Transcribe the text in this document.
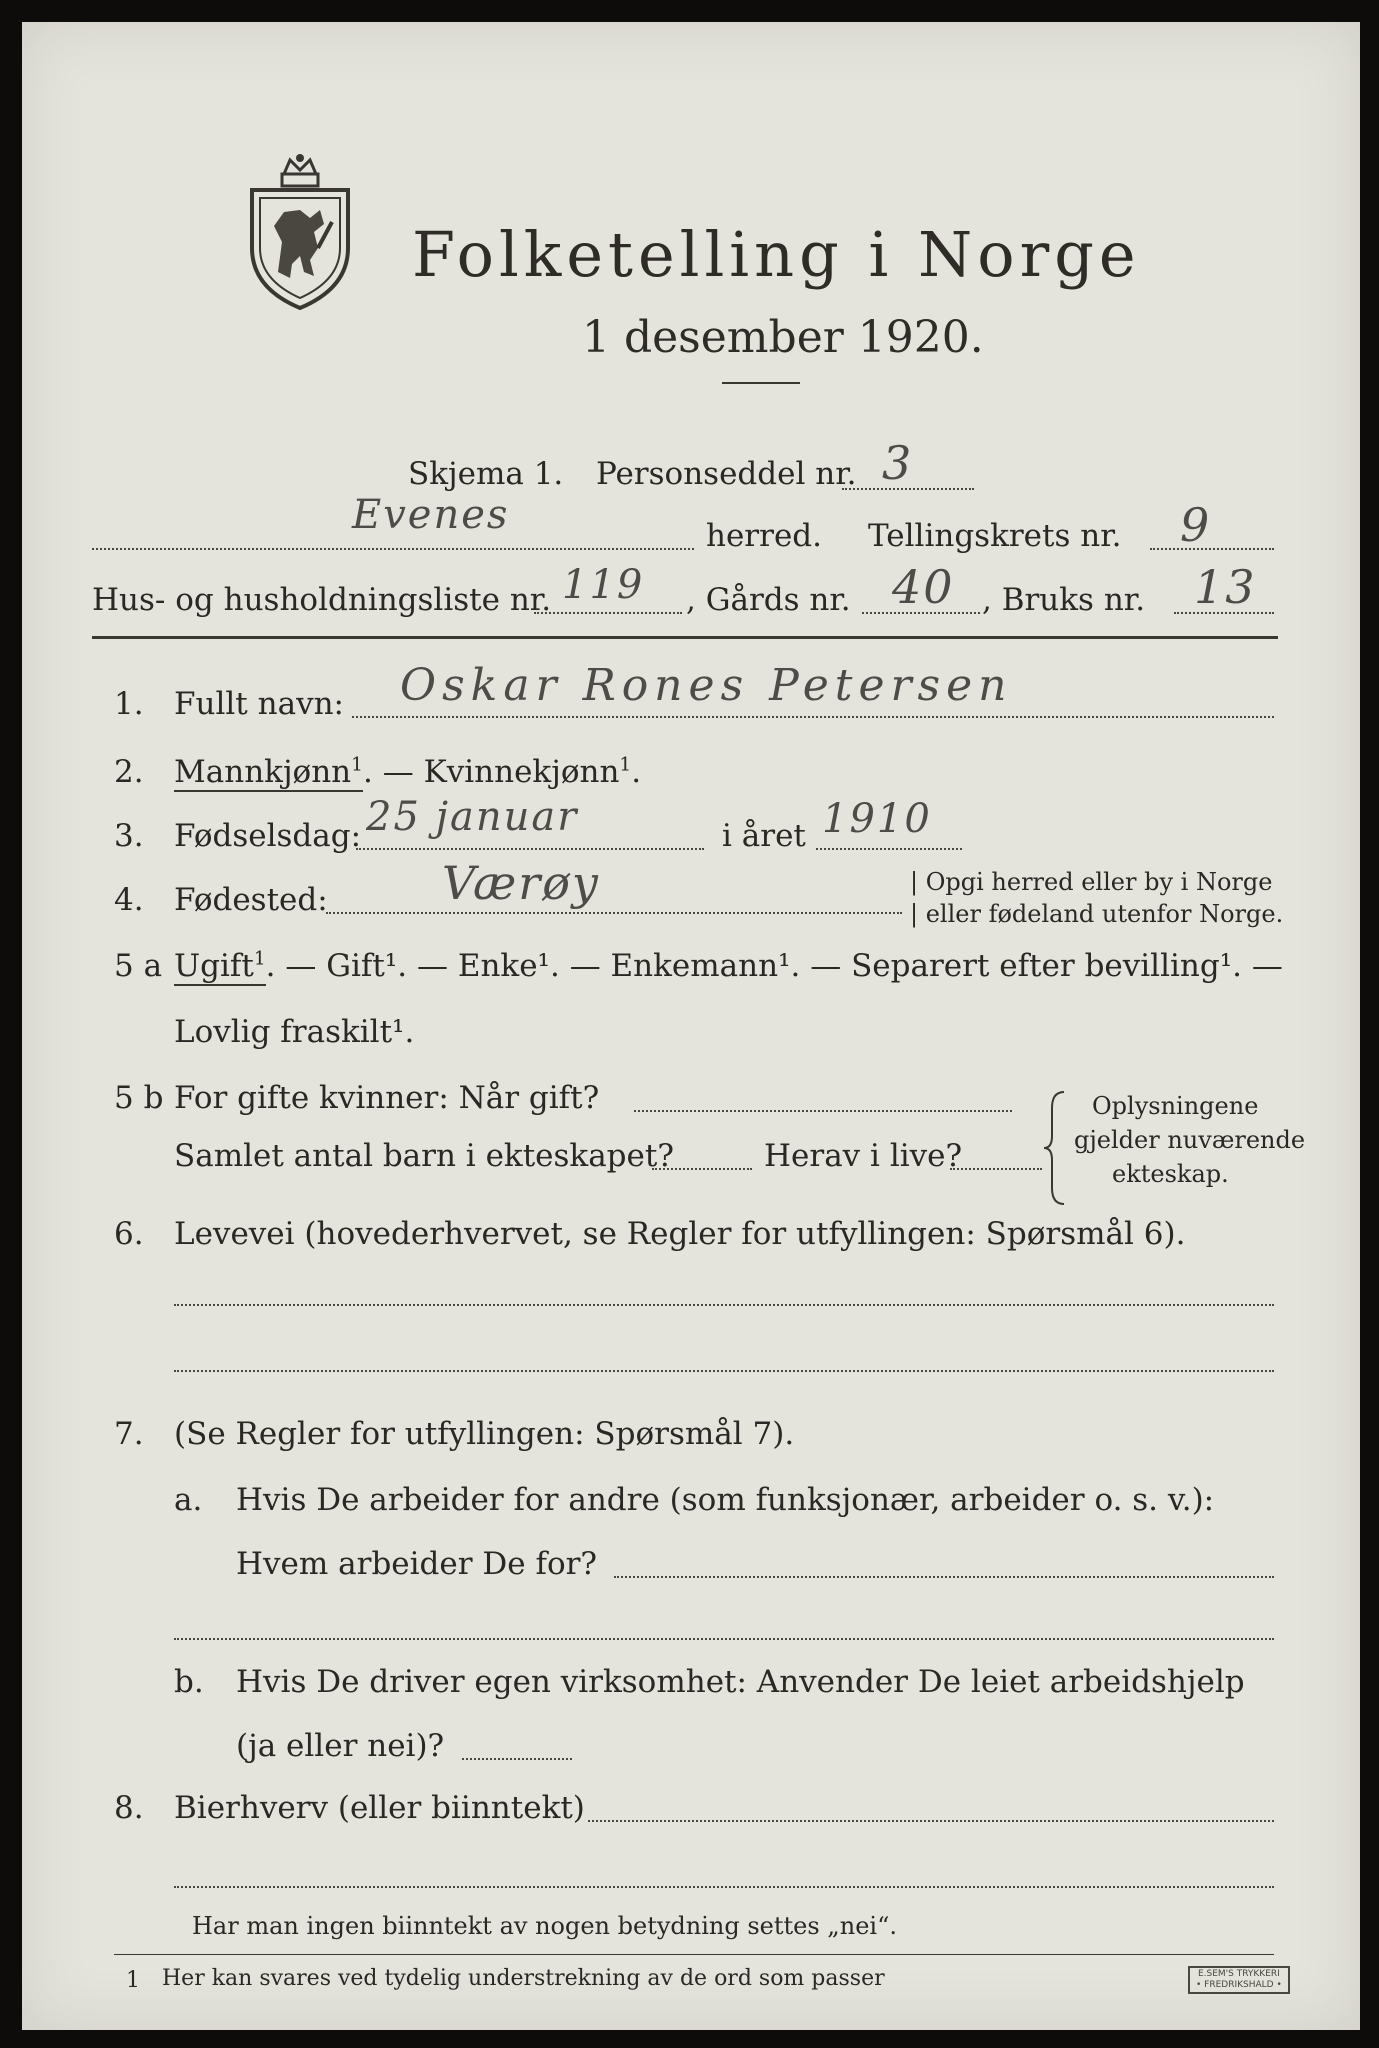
Folketelling i Norge
1 desember 1920.
Skjema 1. Personseddel nr. 3
Evenes	herred. Tellingskrets nr. 9
Hus- og husholdningsliste nr. 119 , Gårds nr. 40 , Bruks nr. 13
1. Fullt navn: Oskar Rones Petersen
2. Mannkjønn$^1$. — Kvinnekjønn$^1$.
3. Fødselsdag: 25 januar	i året 1910
4. Fødested: Værøy	| Opgi herred eller by i Norge
| eller fødeland utenfor Norge.
5 a Ugift$^1$. — Gift¹. — Enke¹. — Enkemann¹. — Separert efter bevilling¹. —
Lovlig fraskilt¹.
5 b For gifte kvinner: Når gift?
Samlet antal barn i ekteskapet?	Herav i live?
Oplysningene
gjelder nuværende
ekteskap.
6. Levevei (hovederhvervet, se Regler for utfyllingen: Spørsmål 6).
7. (Se Regler for utfyllingen: Spørsmål 7).
a. Hvis De arbeider for andre (som funksjonær, arbeider o. s. v.):
Hvem arbeider De for?
b. Hvis De driver egen virksomhet: Anvender De leiet arbeidshjelp
(ja eller nei)?
8. Bierhverv (eller biinntekt)
Har man ingen biinntekt av nogen betydning settes „nei“.
1 Her kan svares ved tydelig understrekning av de ord som passer	E.SEM'S TRYKKERI
• FREDRIKSHALD •
